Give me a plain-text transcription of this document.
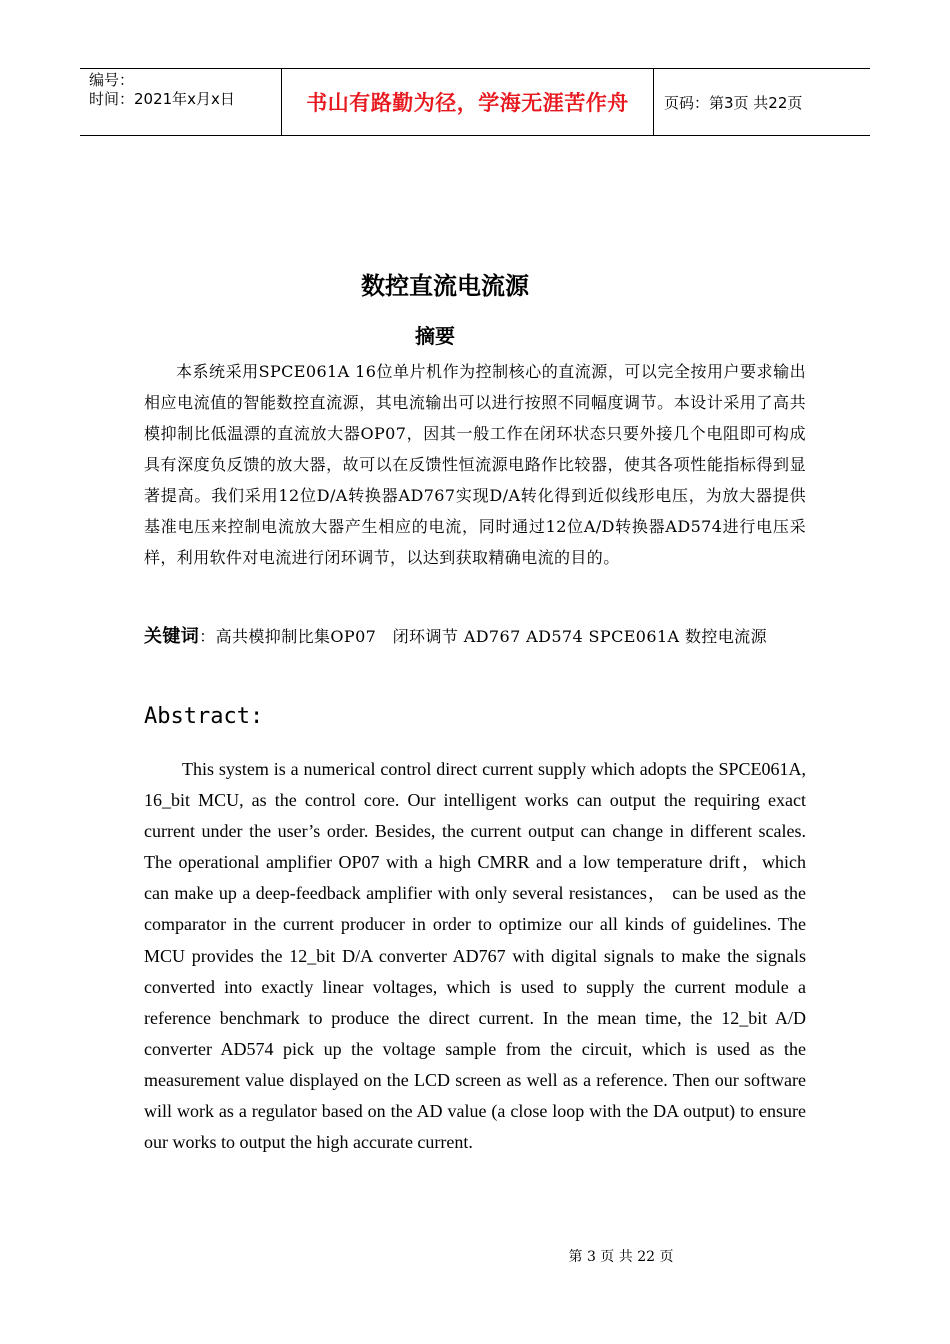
编号：
时间：2021年x月x日	书山有路勤为径，学海无涯苦作舟	页码：第3页 共22页
数控直流电流源
摘要
本系统采用SPCE061A 16位单片机作为控制核心的直流源，可以完全按用户要求输出相应电流值的智能数控直流源，其电流输出可以进行按照不同幅度调节。本设计采用了高共模抑制比低温漂的直流放大器OP07，因其一般工作在闭环状态只要外接几个电阻即可构成具有深度负反馈的放大器，故可以在反馈性恒流源电路作比较器，使其各项性能指标得到显著提高。我们采用12位D/A转换器AD767实现D/A转化得到近似线形电压，为放大器提供基准电压来控制电流放大器产生相应的电流，同时通过12位A/D转换器AD574进行电压采样，利用软件对电流进行闭环调节，以达到获取精确电流的目的。
关键词：高共模抑制比集OP07　闭环调节 AD767 AD574 SPCE061A 数控电流源
Abstract:
This system is a numerical control direct current supply which adopts the SPCE061A, 16_bit MCU, as the control core. Our intelligent works can output the requiring exact current under the user’s order. Besides, the current output can change in different scales. The operational amplifier OP07 with a high CMRR and a low temperature drift，which can make up a deep-feedback amplifier with only several resistances， can be used as the comparator in the current producer in order to optimize our all kinds of guidelines. The MCU provides the 12_bit D/A converter AD767 with digital signals to make the signals converted into exactly linear voltages, which is used to supply the current module a reference benchmark to produce the direct current. In the mean time, the 12_bit A/D converter AD574 pick up the voltage sample from the circuit, which is used as the measurement value displayed on the LCD screen as well as a reference. Then our software will work as a regulator based on the AD value (a close loop with the DA output) to ensure our works to output the high accurate current.
第 3 页 共 22 页
